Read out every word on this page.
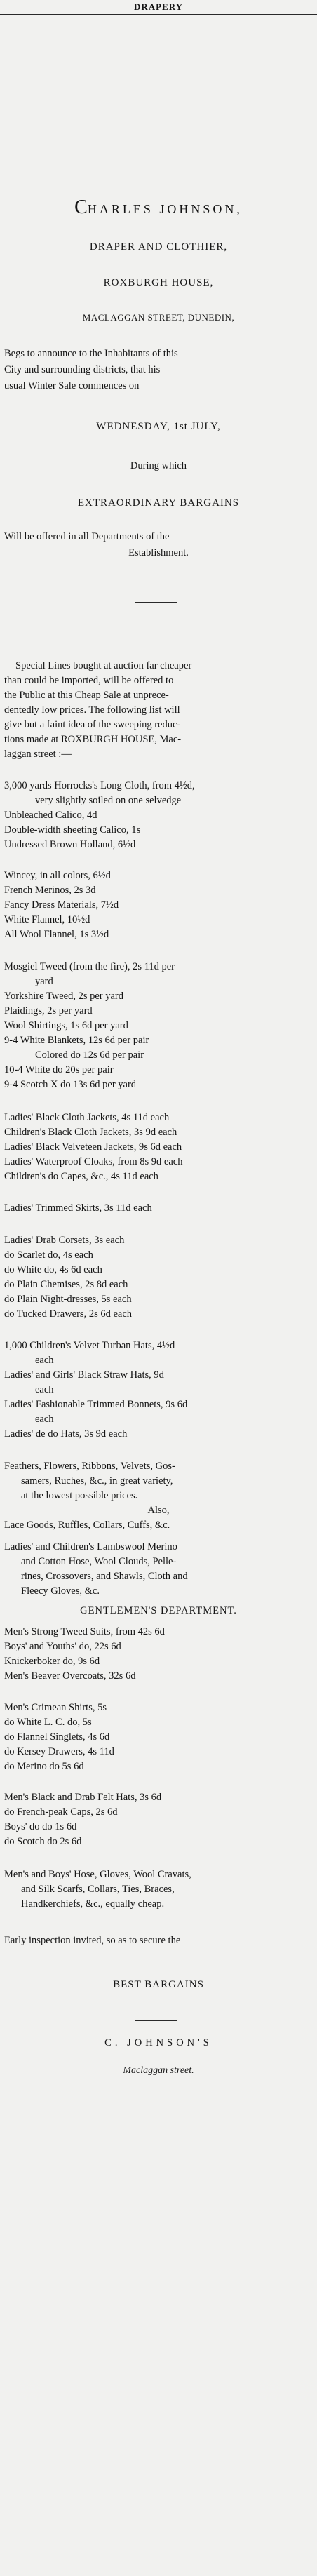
DRAPERY
CHARLES JOHNSON,
DRAPER AND CLOTHIER,
ROXBURGH HOUSE,
MACLAGGAN STREET, DUNEDIN,
Begs to announce to the Inhabitants of this
City and surrounding districts, that his
usual Winter Sale commences on
WEDNESDAY, 1st JULY,
During which
EXTRAORDINARY BARGAINS
Will be offered in all Departments of the
Establishment.
Special Lines bought at auction far cheaper
than could be imported, will be offered to
the Public at this Cheap Sale at unprece-
dentedly low prices. The following list will
give but a faint idea of the sweeping reduc-
tions made at ROXBURGH HOUSE, Mac-
laggan street :—
3,000 yards Horrocks's Long Cloth, from 4½d,
very slightly soiled on one selvedge
Unbleached Calico, 4d
Double-width sheeting Calico, 1s
Undressed Brown Holland, 6½d
Wincey, in all colors, 6½d
French Merinos, 2s 3d
Fancy Dress Materials, 7½d
White Flannel, 10½d
All Wool Flannel, 1s 3½d
Mosgiel Tweed (from the fire), 2s 11d per
yard
Yorkshire Tweed, 2s per yard
Plaidings, 2s per yard
Wool Shirtings, 1s 6d per yard
9-4 White Blankets, 12s 6d per pair
Colored do 12s 6d per pair
10-4 White do 20s per pair
9-4 Scotch X do 13s 6d per yard
Ladies' Black Cloth Jackets, 4s 11d each
Children's Black Cloth Jackets, 3s 9d each
Ladies' Black Velveteen Jackets, 9s 6d each
Ladies' Waterproof Cloaks, from 8s 9d each
Children's do Capes, &c., 4s 11d each
Ladies' Trimmed Skirts, 3s 11d each
Ladies' Drab Corsets, 3s each
do Scarlet do, 4s each
do White do, 4s 6d each
do Plain Chemises, 2s 8d each
do Plain Night-dresses, 5s each
do Tucked Drawers, 2s 6d each
1,000 Children's Velvet Turban Hats, 4½d
each
Ladies' and Girls' Black Straw Hats, 9d
each
Ladies' Fashionable Trimmed Bonnets, 9s 6d
each
Ladies' de do Hats, 3s 9d each
Feathers, Flowers, Ribbons, Velvets, Gos-
samers, Ruches, &c., in great variety,
at the lowest possible prices.
Also,
Lace Goods, Ruffles, Collars, Cuffs, &c.
Ladies' and Children's Lambswool Merino
and Cotton Hose, Wool Clouds, Pelle-
rines, Crossovers, and Shawls, Cloth and
Fleecy Gloves, &c.
GENTLEMEN'S DEPARTMENT.
Men's Strong Tweed Suits, from 42s 6d
Boys' and Youths' do, 22s 6d
Knickerboker do, 9s 6d
Men's Beaver Overcoats, 32s 6d
Men's Crimean Shirts, 5s
do White L. C. do, 5s
do Flannel Singlets, 4s 6d
do Kersey Drawers, 4s 11d
do Merino do 5s 6d
Men's Black and Drab Felt Hats, 3s 6d
do French-peak Caps, 2s 6d
Boys' do do 1s 6d
do Scotch do 2s 6d
Men's and Boys' Hose, Gloves, Wool Cravats,
and Silk Scarfs, Collars, Ties, Braces,
Handkerchiefs, &c., equally cheap.
Early inspection invited, so as to secure the
BEST BARGAINS
C. JOHNSON'S
Maclaggan street.
